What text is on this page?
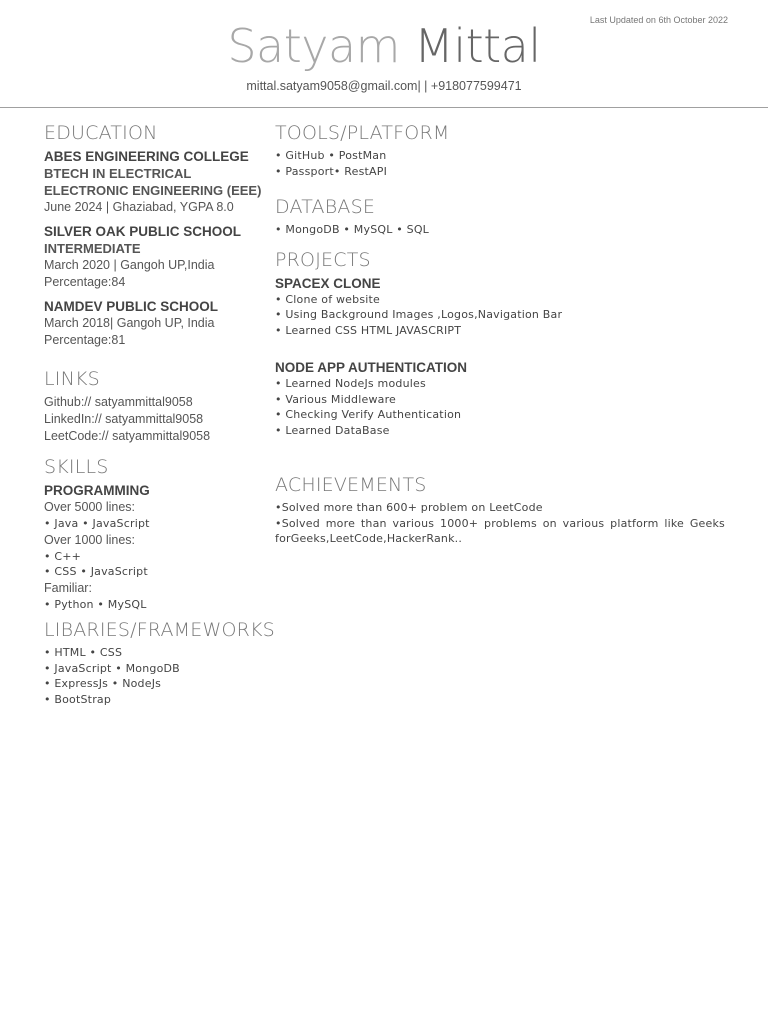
Last Updated on 6th October 2022
Satyam Mittal
mittal.satyam9058@gmail.com| | +918077599471
EDUCATION

ABES ENGINEERING COLLEGE

BTECH IN ELECTRICAL

ELECTRONIC ENGINEERING (EEE)

June 2024 | Ghaziabad, YGPA 8.0

SILVER OAK PUBLIC SCHOOL

INTERMEDIATE

March 2020 | Gangoh UP,India

Percentage:84

NAMDEV PUBLIC SCHOOL

March 2018| Gangoh UP, India

Percentage:81

LINKS

Github:// satyammittal9058

LinkedIn:// satyammittal9058

LeetCode:// satyammittal9058

SKILLS

PROGRAMMING

Over 5000 lines:

• Java • JavaScript

Over 1000 lines:

• C++

• CSS • JavaScript

Familiar:

• Python • MySQL

LIBARIES/FRAMEWORKS

• HTML • CSS

• JavaScript • MongoDB

• ExpressJs • NodeJs

• BootStrap

TOOLS/PLATFORM

• GitHub • PostMan

• Passport• RestAPI

DATABASE

• MongoDB • MySQL • SQL

PROJECTS

SPACEX CLONE

• Clone of website

• Using Background Images ,Logos,Navigation Bar

• Learned CSS HTML JAVASCRIPT

NODE APP AUTHENTICATION

• Learned NodeJs modules

• Various Middleware

• Checking Verify Authentication

• Learned DataBase

ACHIEVEMENTS

•Solved more than 600+ problem on LeetCode

•Solved more than various 1000+ problems on various platform like Geeks forGeeks,LeetCode,HackerRank..
